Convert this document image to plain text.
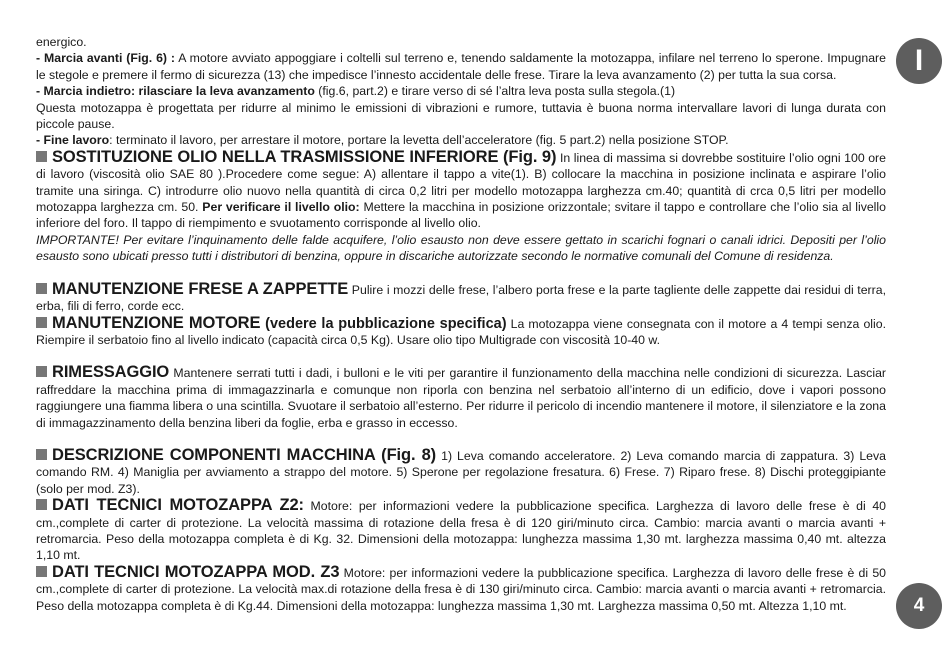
energico.

- Marcia avanti (Fig. 6) : A motore avviato appoggiare i coltelli sul terreno e, tenendo saldamente la motozappa, infilare nel terreno lo sperone. Impugnare le stegole e premere il fermo di sicurezza (13) che impedisce l’innesto accidentale delle frese. Tirare la leva avanzamento (2) per tutta la sua corsa.

- Marcia indietro: rilasciare la leva avanzamento (fig.6, part.2) e tirare verso di sé l’altra leva posta sulla stegola.(1)

Questa motozappa è progettata per ridurre al minimo le emissioni di vibrazioni e rumore, tuttavia è buona norma intervallare lavori di lunga durata con piccole pause.

- Fine lavoro: terminato il lavoro, per arrestare il motore, portare la levetta dell’acceleratore (fig. 5 part.2) nella posizione STOP.

SOSTITUZIONE OLIO NELLA TRASMISSIONE INFERIORE (Fig. 9) In linea di massima si dovrebbe sostituire l’olio ogni 100 ore di lavoro (viscosità olio SAE 80 ).Procedere come segue: A) allentare il tappo a vite(1). B) collocare la macchina in posizione inclinata e aspirare l’olio tramite una siringa. C) introdurre olio nuovo nella quantità di circa 0,2 litri per modello motozappa larghezza cm.40; quantità di crca 0,5 litri per modello motozappa larghezza cm. 50. Per verificare il livello olio: Mettere la macchina in posizione orizzontale; svitare il tappo e controllare che l’olio sia al livello inferiore del foro. Il tappo di riempimento e svuotamento corrisponde al livello olio.

IMPORTANTE! Per evitare l’inquinamento delle falde acquifere, l’olio esausto non deve essere gettato in scarichi fognari o canali idrici. Depositi per l’olio esausto sono ubicati presso tutti i distributori di benzina, oppure in discariche autorizzate secondo le normative comunali del Comune di residenza.

MANUTENZIONE FRESE A ZAPPETTE Pulire i mozzi delle frese, l’albero porta frese e la parte tagliente delle zappette dai residui di terra, erba, fili di ferro, corde ecc.

MANUTENZIONE MOTORE (vedere la pubblicazione specifica) La motozappa viene consegnata con il motore a 4 tempi senza olio. Riempire il serbatoio fino al livello indicato (capacità circa 0,5 Kg). Usare olio tipo Multigrade con viscosità 10-40 w.

RIMESSAGGIO Mantenere serrati tutti i dadi, i bulloni e le viti per garantire il funzionamento della macchina nelle condizioni di sicurezza. Lasciar raffreddare la macchina prima di immagazzinarla e comunque non riporla con benzina nel serbatoio all’interno di un edificio, dove i vapori possono raggiungere una fiamma libera o una scintilla. Svuotare il serbatoio all’esterno. Per ridurre il pericolo di incendio mantenere il motore, il silenziatore e la zona di immagazzinamento della benzina liberi da foglie, erba e grasso in eccesso.

DESCRIZIONE COMPONENTI MACCHINA (Fig. 8) 1) Leva comando acceleratore. 2) Leva comando marcia di zappatura. 3) Leva comando RM. 4) Maniglia per avviamento a strappo del motore. 5) Sperone per regolazione fresatura. 6) Frese. 7) Riparo frese. 8) Dischi proteggipiante (solo per mod. Z3).

DATI TECNICI MOTOZAPPA Z2: Motore: per informazioni vedere la pubblicazione specifica. Larghezza di lavoro delle frese è di 40 cm.,complete di carter di protezione. La velocità massima di rotazione della fresa è di 120 giri/minuto circa. Cambio: marcia avanti o marcia avanti + retromarcia. Peso della motozappa completa è di Kg. 32. Dimensioni della motozappa: lunghezza massima 1,30 mt. larghezza massima 0,40 mt. altezza 1,10 mt.

DATI TECNICI MOTOZAPPA MOD. Z3 Motore: per informazioni vedere la pubblicazione specifica. Larghezza di lavoro delle frese è di 50 cm.,complete di carter di protezione. La velocità max.di rotazione della fresa è di 130 giri/minuto circa. Cambio: marcia avanti o marcia avanti + retromarcia. Peso della motozappa completa è di Kg.44. Dimensioni della motozappa: lunghezza massima 1,30 mt. Larghezza massima 0,50 mt. Altezza 1,10 mt.

I
4
